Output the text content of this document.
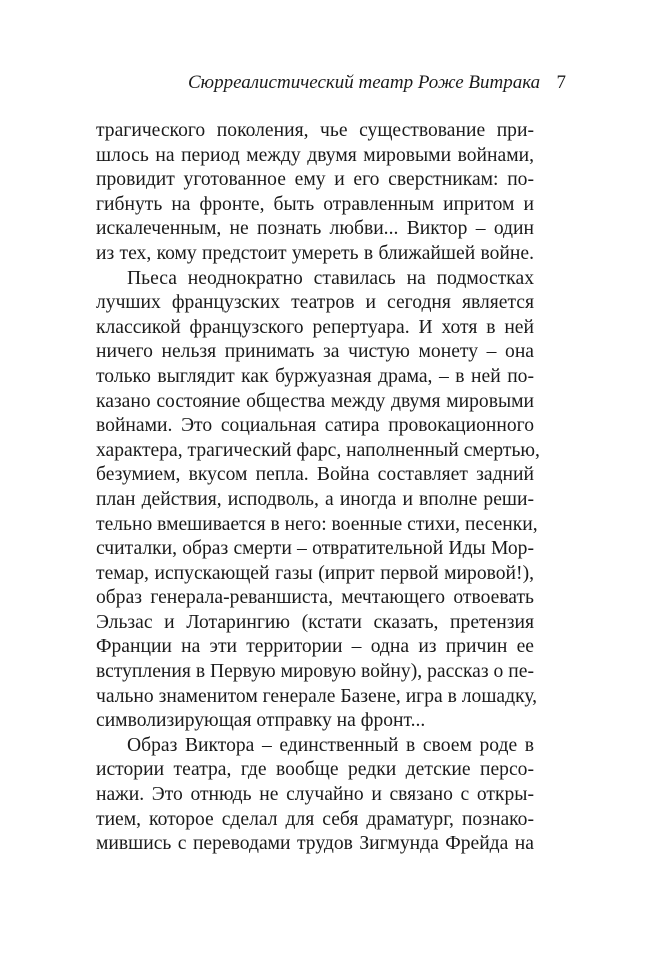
Сюрреалистический театр Роже Витрака 7
трагического поколения, чье существование при-
шлось на период между двумя мировыми войнами,
провидит уготованное ему и его сверстникам: по-
гибнуть на фронте, быть отравленным ипритом и
искалеченным, не познать любви... Виктор – один
из тех, кому предстоит умереть в ближайшей войне.
Пьеса неоднократно ставилась на подмостках
лучших французских театров и сегодня является
классикой французского репертуара. И хотя в ней
ничего нельзя принимать за чистую монету – она
только выглядит как буржуазная драма, – в ней по-
казано состояние общества между двумя мировыми
войнами. Это социальная сатира провокационного
характера, трагический фарс, наполненный смертью,
безумием, вкусом пепла. Война составляет задний
план действия, исподволь, а иногда и вполне реши-
тельно вмешивается в него: военные стихи, песенки,
считалки, образ смерти – отвратительной Иды Мор-
темар, испускающей газы (иприт первой мировой!),
образ генерала-реваншиста, мечтающего отвоевать
Эльзас и Лотарингию (кстати сказать, претензия
Франции на эти территории – одна из причин ее
вступления в Первую мировую войну), рассказ о пе-
чально знаменитом генерале Базене, игра в лошадку,
символизирующая отправку на фронт...
Образ Виктора – единственный в своем роде в
истории театра, где вообще редки детские персо-
нажи. Это отнюдь не случайно и связано с откры-
тием, которое сделал для себя драматург, познако-
мившись с переводами трудов Зигмунда Фрейда на
